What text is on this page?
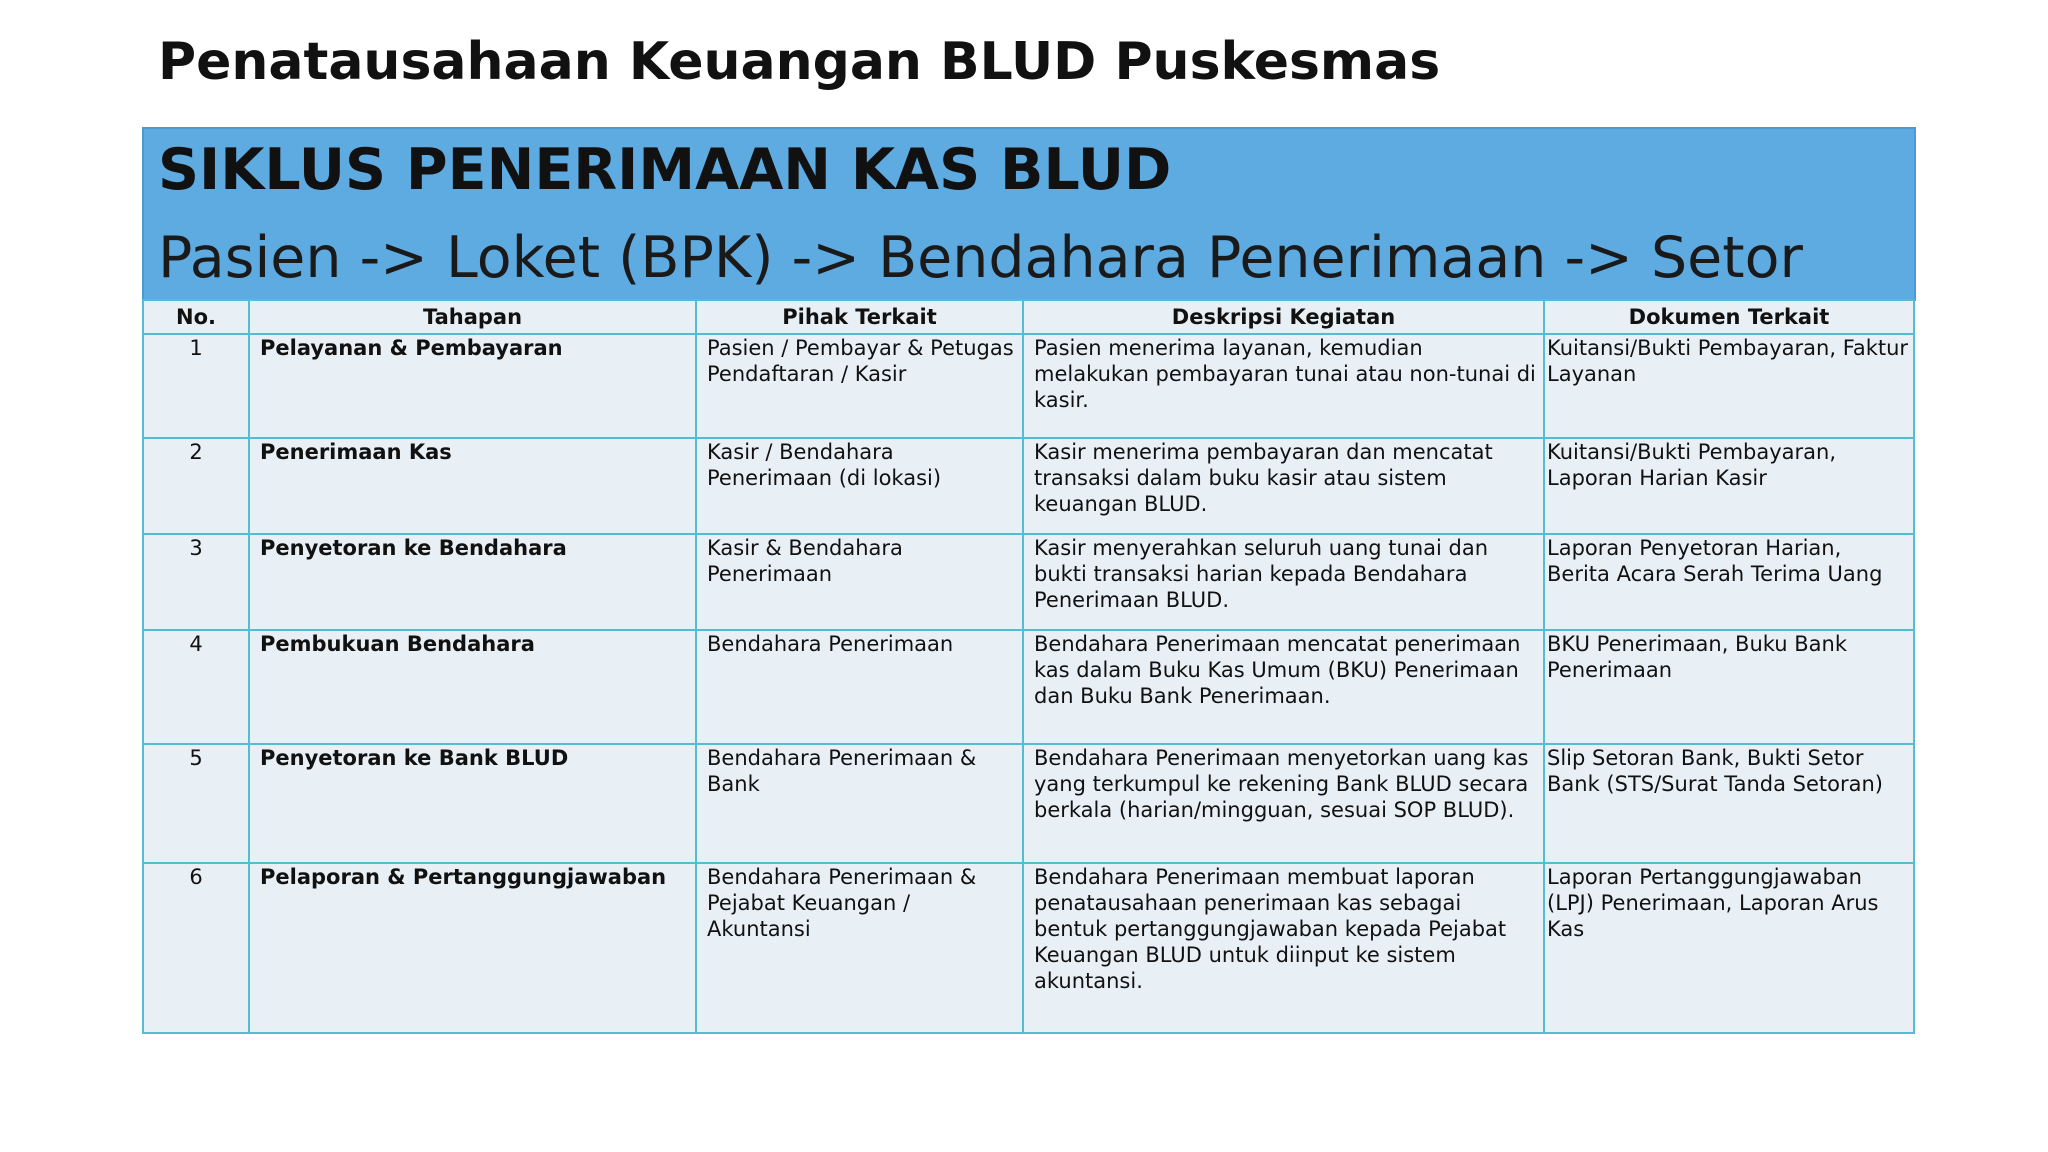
Penatausahaan Keuangan BLUD Puskesmas
SIKLUS PENERIMAAN KAS BLUD
Pasien -> Loket (BPK) -> Bendahara Penerimaan -> Setor
No.	Tahapan	Pihak Terkait	Deskripsi Kegiatan	Dokumen Terkait
1	Pelayanan & Pembayaran	Pasien / Pembayar & Petugas Pendaftaran / Kasir	Pasien menerima layanan, kemudian melakukan pembayaran tunai atau non-tunai di kasir.	Kuitansi/Bukti Pembayaran, Faktur Layanan
2	Penerimaan Kas	Kasir / Bendahara Penerimaan (di lokasi)	Kasir menerima pembayaran dan mencatat transaksi dalam buku kasir atau sistem keuangan BLUD.	Kuitansi/Bukti Pembayaran, Laporan Harian Kasir
3	Penyetoran ke Bendahara	Kasir & Bendahara Penerimaan	Kasir menyerahkan seluruh uang tunai dan bukti transaksi harian kepada Bendahara Penerimaan BLUD.	Laporan Penyetoran Harian, Berita Acara Serah Terima Uang
4	Pembukuan Bendahara	Bendahara Penerimaan	Bendahara Penerimaan mencatat penerimaan kas dalam Buku Kas Umum (BKU) Penerimaan dan Buku Bank Penerimaan.	BKU Penerimaan, Buku Bank Penerimaan
5	Penyetoran ke Bank BLUD	Bendahara Penerimaan & Bank	Bendahara Penerimaan menyetorkan uang kas yang terkumpul ke rekening Bank BLUD secara berkala (harian/mingguan, sesuai SOP BLUD).	Slip Setoran Bank, Bukti Setor Bank (STS/Surat Tanda Setoran)
6	Pelaporan & Pertanggungjawaban	Bendahara Penerimaan & Pejabat Keuangan / Akuntansi	Bendahara Penerimaan membuat laporan penatausahaan penerimaan kas sebagai bentuk pertanggungjawaban kepada Pejabat Keuangan BLUD untuk diinput ke sistem akuntansi.	Laporan Pertanggungjawaban (LPJ) Penerimaan, Laporan Arus Kas
